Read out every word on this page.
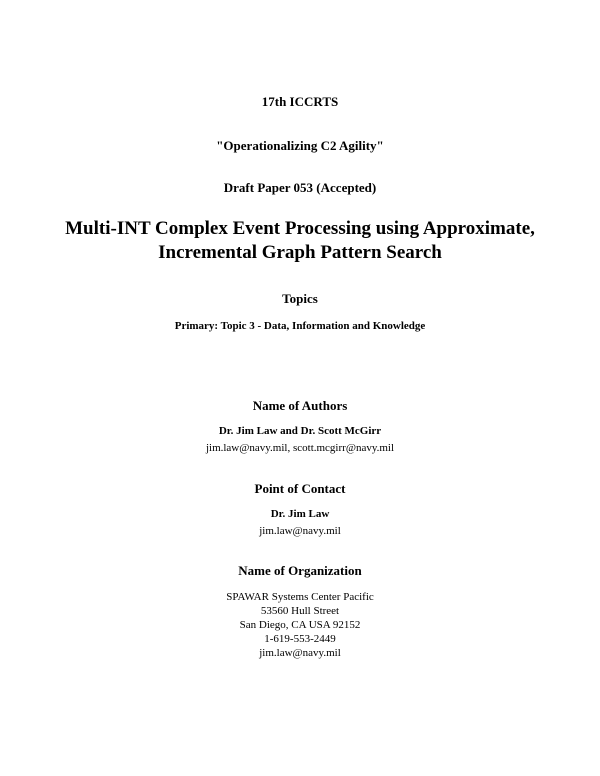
17th ICCRTS
"Operationalizing C2 Agility"
Draft Paper 053 (Accepted)
Multi-INT Complex Event Processing using Approximate,
Incremental Graph Pattern Search
Topics
Primary: Topic 3 - Data, Information and Knowledge
Name of Authors
Dr. Jim Law and Dr. Scott McGirr
jim.law@navy.mil, scott.mcgirr@navy.mil
Point of Contact
Dr. Jim Law
jim.law@navy.mil
Name of Organization
SPAWAR Systems Center Pacific
53560 Hull Street
San Diego, CA USA 92152
1-619-553-2449
jim.law@navy.mil
